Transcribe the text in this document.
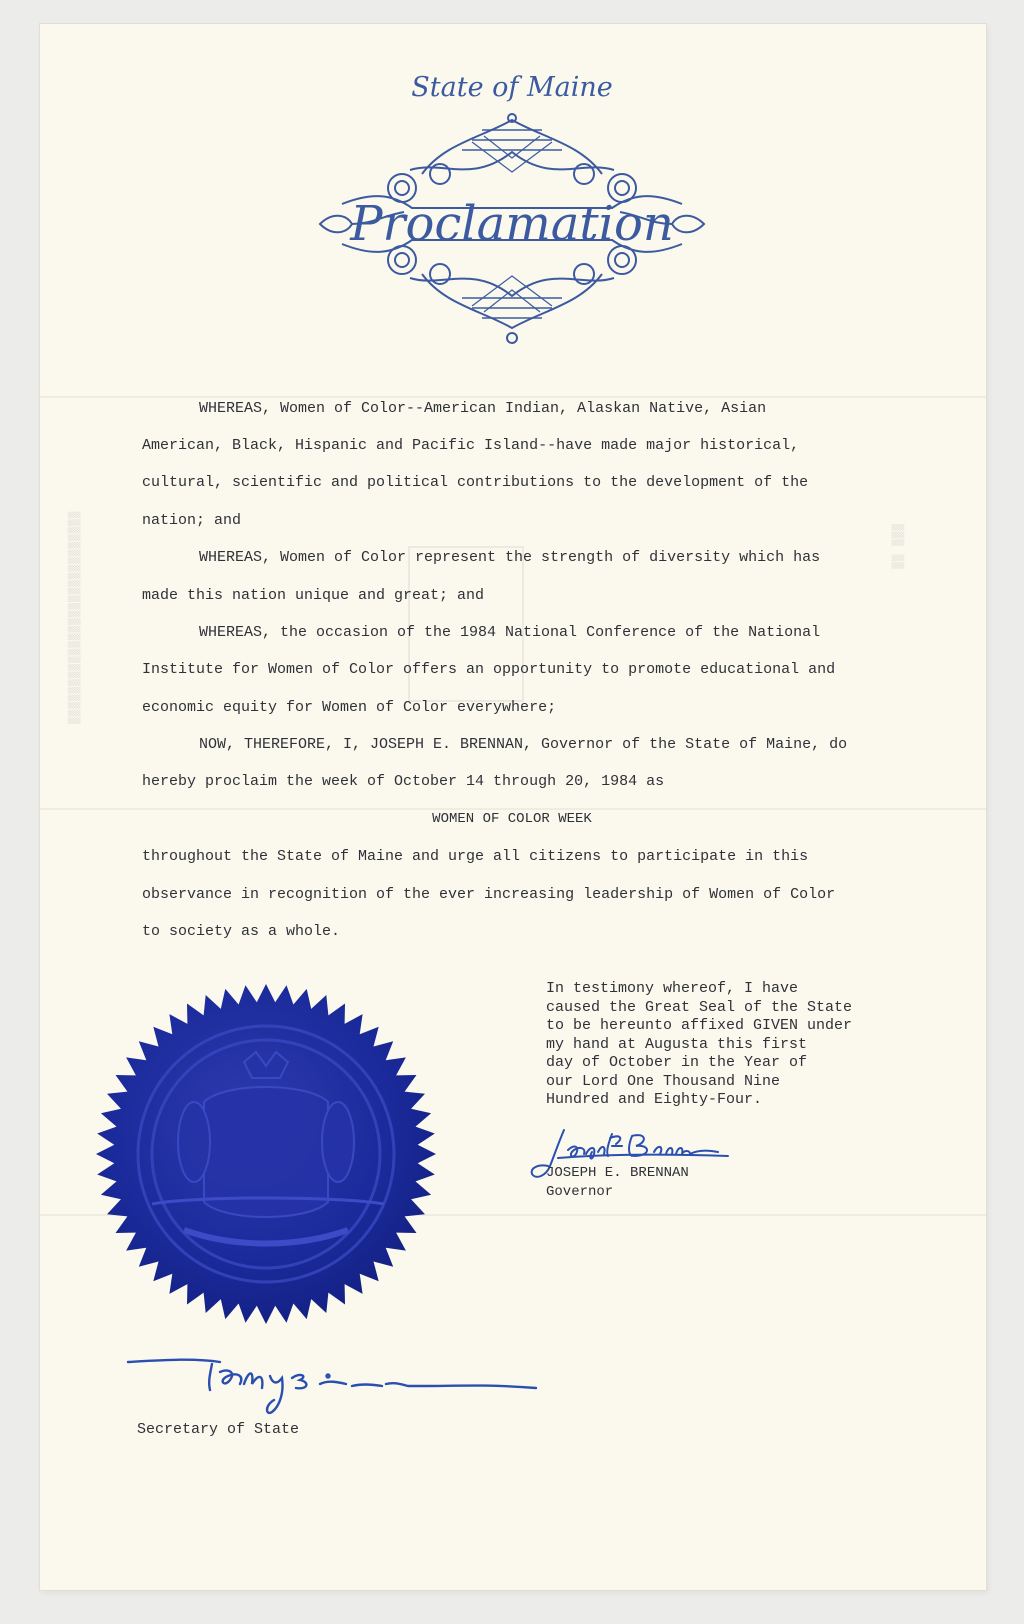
▒▒▒▒▒▒▒▒▒▒▒▒▒▒▒▒▒▒▒▒▒▒▒▒▒▒▒▒	▒▒▒ ▒▒
State of Maine
Proclamation
WHEREAS, Women of Color--American Indian, Alaskan Native, Asian
American, Black, Hispanic and Pacific Island--have made major historical,
cultural, scientific and political contributions to the development of the
nation; and
WHEREAS, Women of Color represent the strength of diversity which has
made this nation unique and great; and
WHEREAS, the occasion of the 1984 National Conference of the National
Institute for Women of Color offers an opportunity to promote educational and
economic equity for Women of Color everywhere;
NOW, THEREFORE, I, JOSEPH E. BRENNAN, Governor of the State of Maine, do
hereby proclaim the week of October 14 through 20, 1984 as
WOMEN OF COLOR WEEK
throughout the State of Maine and urge all citizens to participate in this
observance in recognition of the ever increasing leadership of Women of Color
to society as a whole.
In testimony whereof, I have
caused the Great Seal of the State
to be hereunto affixed GIVEN under
my hand at Augusta this first
day of October in the Year of
our Lord One Thousand Nine
Hundred and Eighty-Four.
JOSEPH E. BRENNAN
Governor
Secretary of State
